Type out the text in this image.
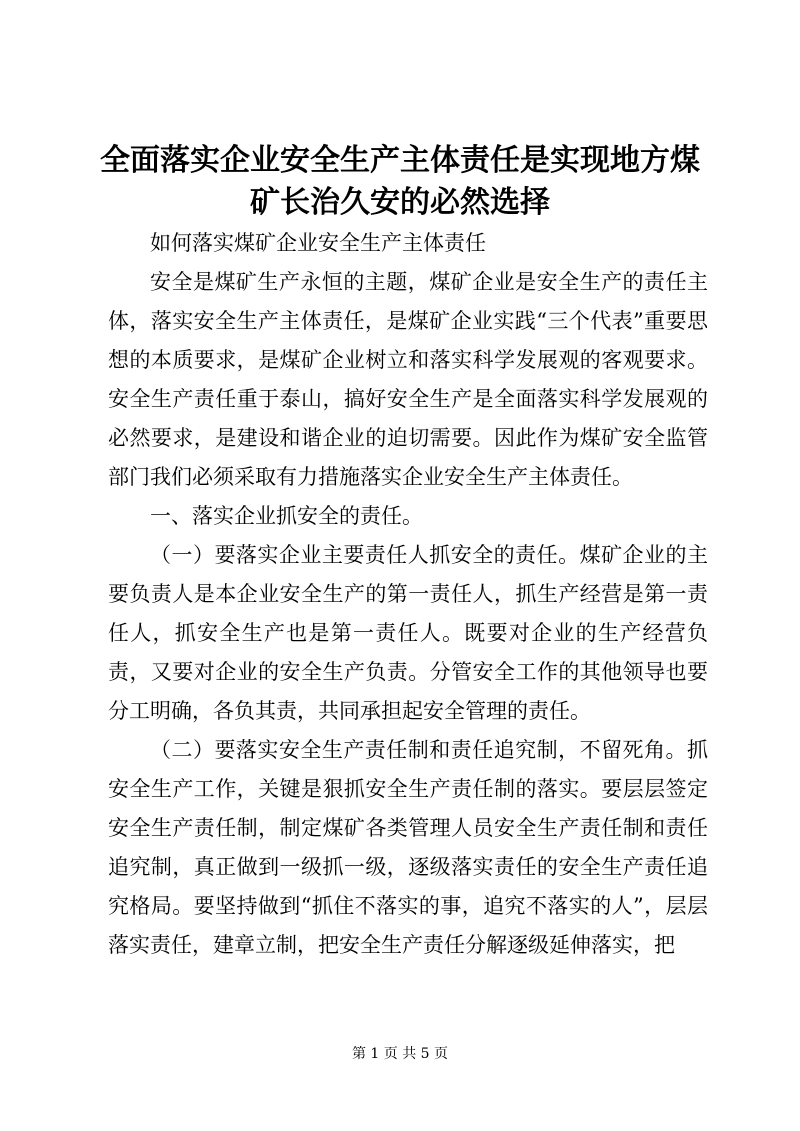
全面落实企业安全生产主体责任是实现地方煤矿长治久安的必然选择

如何落实煤矿企业安全生产主体责任

安全是煤矿生产永恒的主题，煤矿企业是安全生产的责任主体，落实安全生产主体责任，是煤矿企业实践“三个代表”重要思想的本质要求，是煤矿企业树立和落实科学发展观的客观要求。安全生产责任重于泰山，搞好安全生产是全面落实科学发展观的必然要求，是建设和谐企业的迫切需要。因此作为煤矿安全监管部门我们必须采取有力措施落实企业安全生产主体责任。

一、落实企业抓安全的责任。

（一）要落实企业主要责任人抓安全的责任。煤矿企业的主要负责人是本企业安全生产的第一责任人，抓生产经营是第一责任人，抓安全生产也是第一责任人。既要对企业的生产经营负责，又要对企业的安全生产负责。分管安全工作的其他领导也要分工明确，各负其责，共同承担起安全管理的责任。

（二）要落实安全生产责任制和责任追究制，不留死角。抓安全生产工作，关键是狠抓安全生产责任制的落实。要层层签定安全生产责任制，制定煤矿各类管理人员安全生产责任制和责任追究制，真正做到一级抓一级，逐级落实责任的安全生产责任追究格局。要坚持做到“抓住不落实的事，追究不落实的人”，层层落实责任，建章立制，把安全生产责任分解逐级延伸落实，把

第 1 页 共 5 页
